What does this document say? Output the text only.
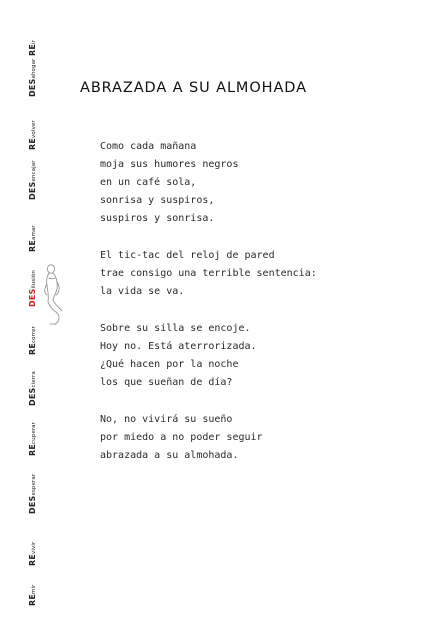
REír
DESahogar
REvolver
DESencajar
REamar
DESilusión
REcorrer
DEScierra
REcuperar
DESesperar
REvivir
REmir
ABRAZADA A SU ALMOHADA
Como cada mañana
moja sus humores negros
en un café sola,
sonrisa y suspiros,
suspiros y sonrisa.
El tic-tac del reloj de pared
trae consigo una terrible sentencia:
la vida se va.
Sobre su silla se encoje.
Hoy no. Está aterrorizada.
¿Qué hacen por la noche
los que sueñan de día?
No, no vivirá su sueño
por miedo a no poder seguir
abrazada a su almohada.
